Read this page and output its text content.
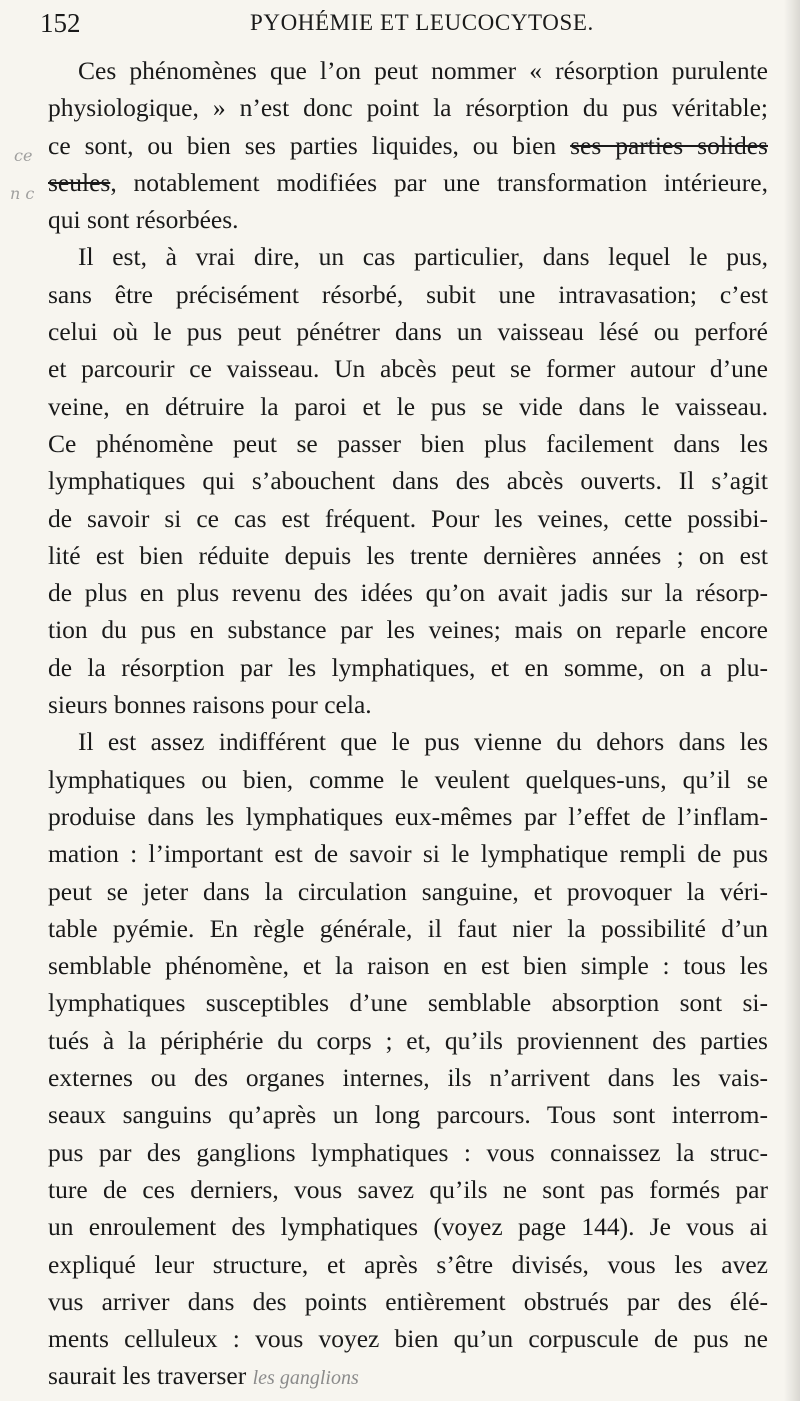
152	PYOHÉMIE ET LEUCOCYTOSE.
ce
n c
Ces phénomènes que l’on peut nommer « résorption purulente
physiologique, » n’est donc point la résorption du pus véritable;
ce sont, ou bien ses parties liquides, ou bien ses parties solides
seules, notablement modifiées par une transformation intérieure,
qui sont résorbées.
Il est, à vrai dire, un cas particulier, dans lequel le pus,
sans être précisément résorbé, subit une intravasation; c’est
celui où le pus peut pénétrer dans un vaisseau lésé ou perforé
et parcourir ce vaisseau. Un abcès peut se former autour d’une
veine, en détruire la paroi et le pus se vide dans le vaisseau.
Ce phénomène peut se passer bien plus facilement dans les
lymphatiques qui s’abouchent dans des abcès ouverts. Il s’agit
de savoir si ce cas est fréquent. Pour les veines, cette possibi-
lité est bien réduite depuis les trente dernières années ; on est
de plus en plus revenu des idées qu’on avait jadis sur la résorp-
tion du pus en substance par les veines; mais on reparle encore
de la résorption par les lymphatiques, et en somme, on a plu-
sieurs bonnes raisons pour cela.
Il est assez indifférent que le pus vienne du dehors dans les
lymphatiques ou bien, comme le veulent quelques-uns, qu’il se
produise dans les lymphatiques eux-mêmes par l’effet de l’inflam-
mation : l’important est de savoir si le lymphatique rempli de pus
peut se jeter dans la circulation sanguine, et provoquer la véri-
table pyémie. En règle générale, il faut nier la possibilité d’un
semblable phénomène, et la raison en est bien simple : tous les
lymphatiques susceptibles d’une semblable absorption sont si-
tués à la périphérie du corps ; et, qu’ils proviennent des parties
externes ou des organes internes, ils n’arrivent dans les vais-
seaux sanguins qu’après un long parcours. Tous sont interrom-
pus par des ganglions lymphatiques : vous connaissez la struc-
ture de ces derniers, vous savez qu’ils ne sont pas formés par
un enroulement des lymphatiques (voyez page 144). Je vous ai
expliqué leur structure, et après s’être divisés, vous les avez
vus arriver dans des points entièrement obstrués par des élé-
ments celluleux : vous voyez bien qu’un corpuscule de pus ne
saurait les traverser les ganglions
